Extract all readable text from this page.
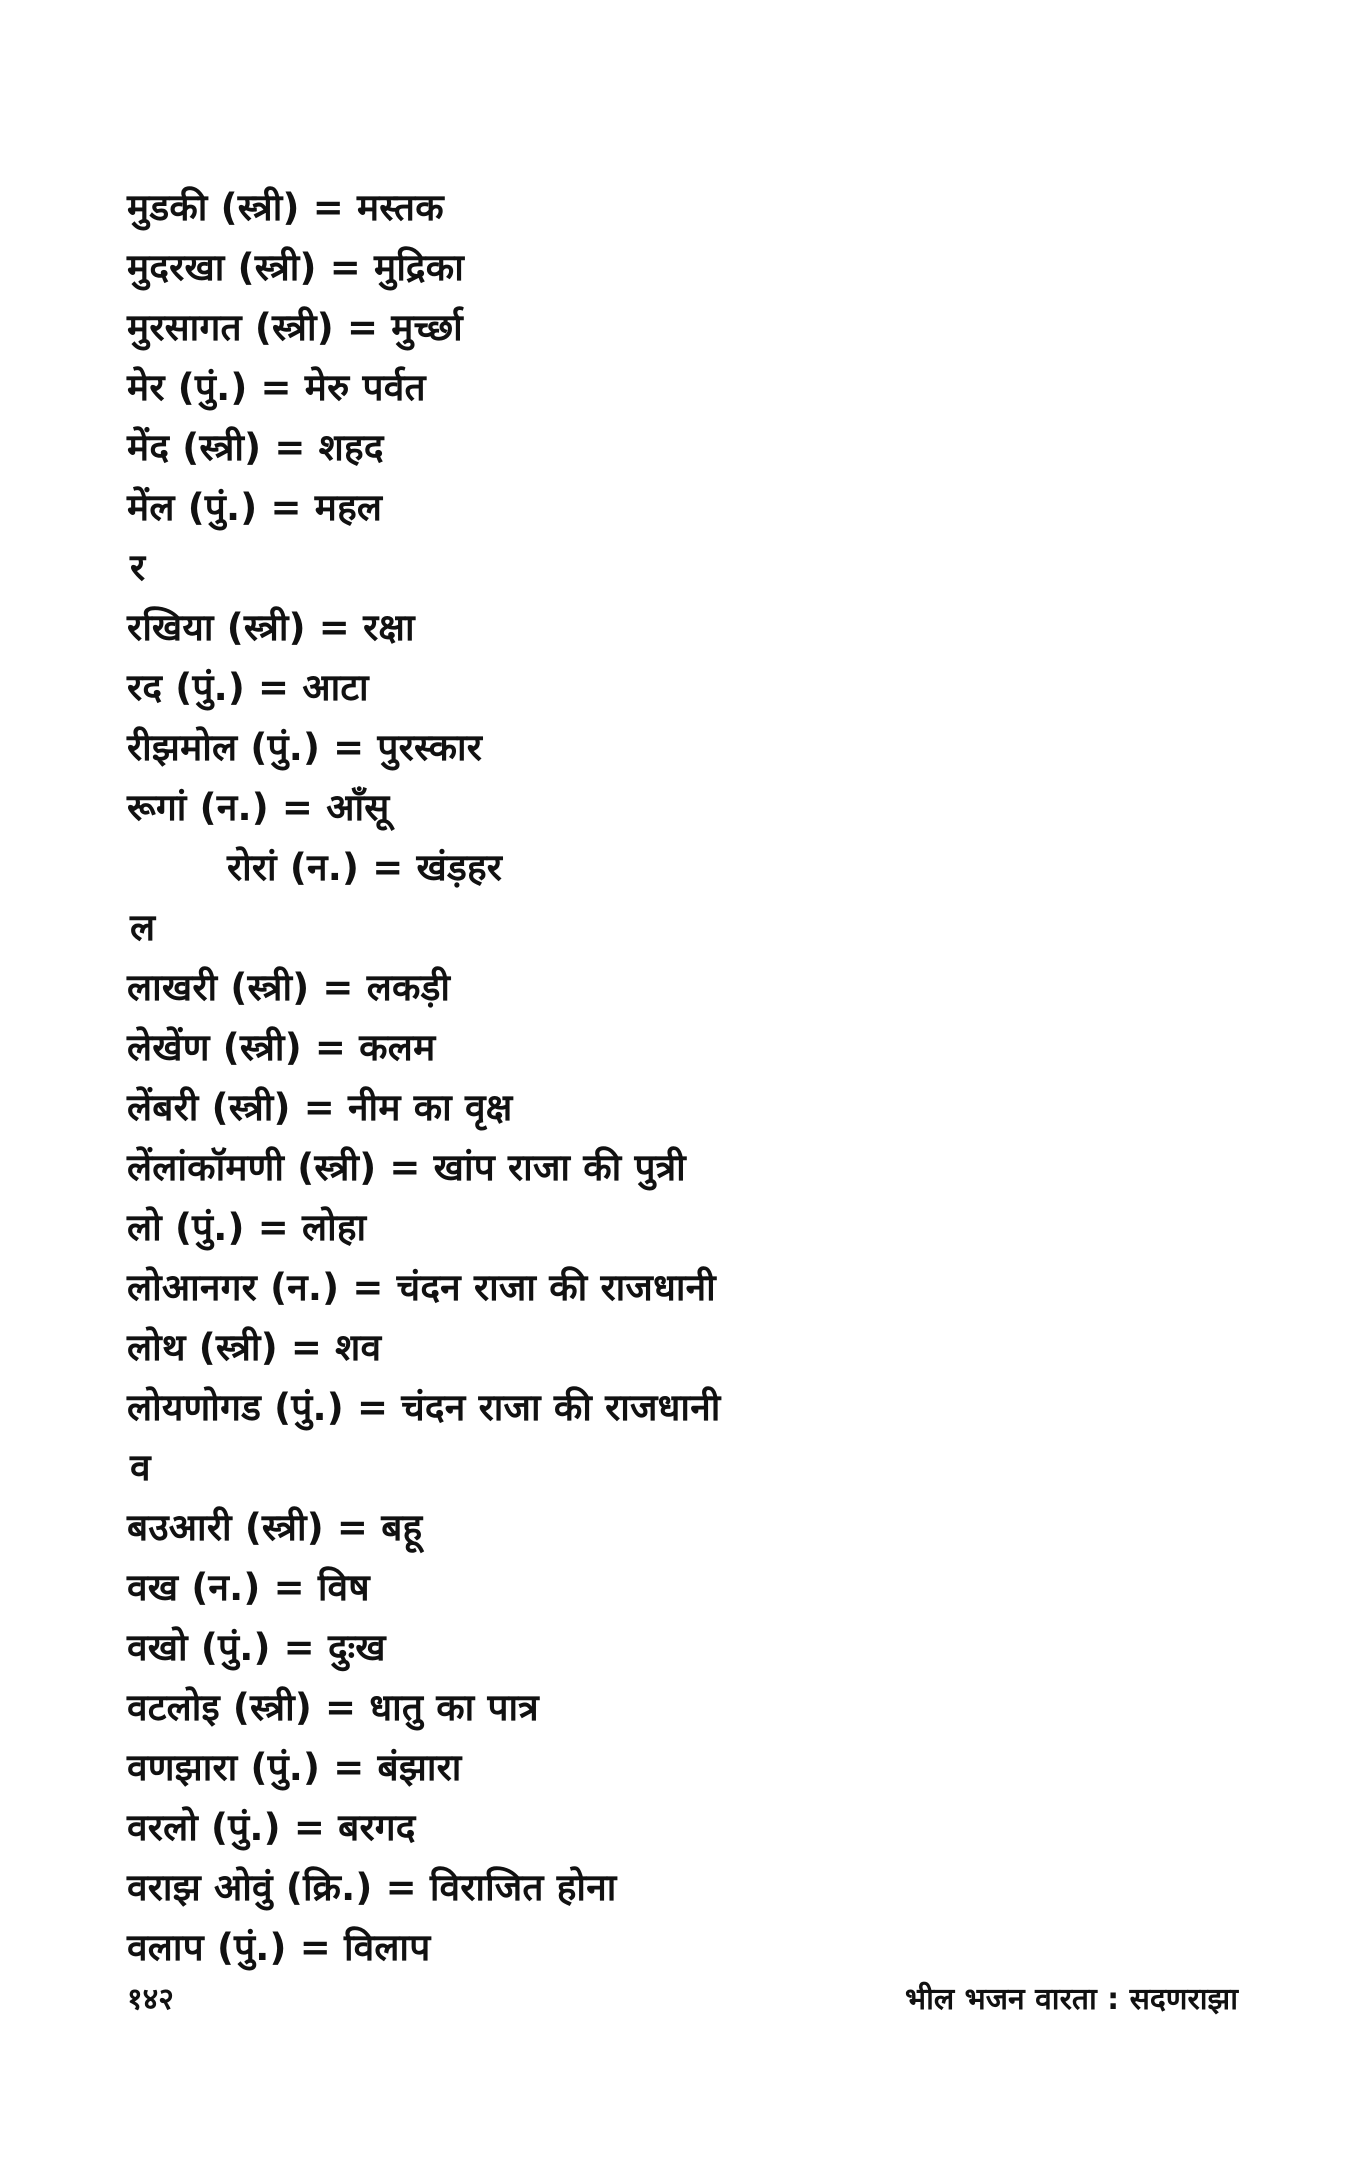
मुडकी (स्त्री) = मस्तक
मुदरखा (स्त्री) = मुद्रिका
मुरसागत (स्त्री) = मुर्च्छा
मेर (पुं.) = मेरु पर्वत
मेंद (स्त्री) = शहद
मेंल (पुं.) = महल
र
रखिया (स्त्री) = रक्षा
रद (पुं.) = आटा
रीझमोल (पुं.) = पुरस्कार
रूगां (न.) = आँसू
रोरां (न.) = खंड़हर
ल
लाखरी (स्त्री) = लकड़ी
लेखेंण (स्त्री) = कलम
लेंबरी (स्त्री) = नीम का वृक्ष
लेंलांकॉमणी (स्त्री) = खांप राजा की पुत्री
लो (पुं.) = लोहा
लोआनगर (न.) = चंदन राजा की राजधानी
लोथ (स्त्री) = शव
लोयणोगड (पुं.) = चंदन राजा की राजधानी
व
बउआरी (स्त्री) = बहू
वख (न.) = विष
वखो (पुं.) = दुःख
वटलोइ (स्त्री) = धातु का पात्र
वणझारा (पुं.) = बंझारा
वरलो (पुं.) = बरगद
वराझ ओवुं (क्रि.) = विराजित होना
वलाप (पुं.) = विलाप
१४२	भील भजन वारता : सदणराझा
